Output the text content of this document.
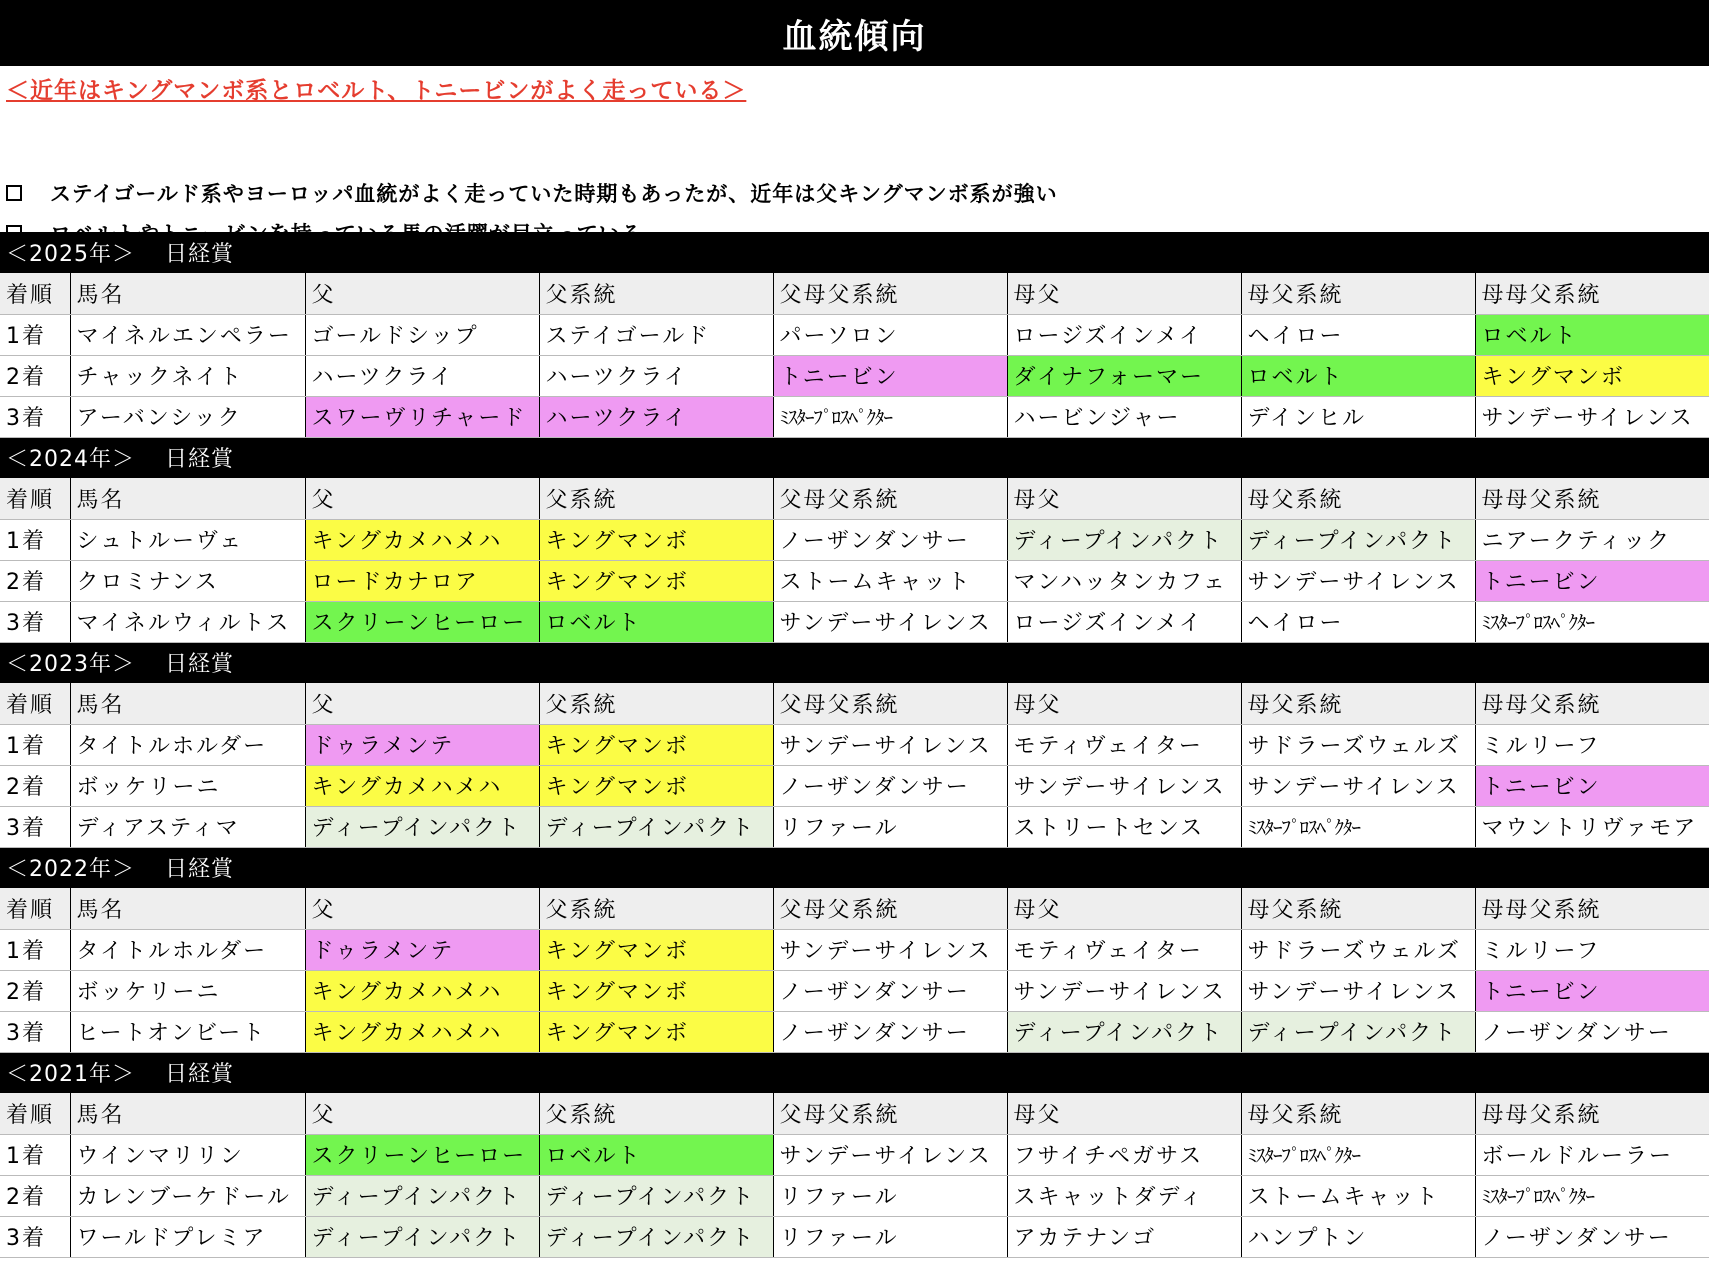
血統傾向
＜近年はキングマンボ系とロベルト、トニービンがよく走っている＞
ステイゴールド系やヨーロッパ血統がよく走っていた時期もあったが、近年は父キングマンボ系が強い
ロベルトやトニービンを持っている馬の活躍が目立っている
＜2025年＞ 日経賞							
着順	馬名	父	父系統	父母父系統	母父	母父系統	母母父系統
1着	マイネルエンペラー	ゴールドシップ	ステイゴールド	パーソロン	ロージズインメイ	ヘイロー	ロベルト
2着	チャックネイト	ハーツクライ	ハーツクライ	トニービン	ダイナフォーマー	ロベルト	キングマンボ
3着	アーバンシック	スワーヴリチャード	ハーツクライ	ﾐｽﾀｰﾌﾟﾛｽﾍﾟｸﾀｰ	ハービンジャー	デインヒル	サンデーサイレンス
＜2024年＞ 日経賞							
着順	馬名	父	父系統	父母父系統	母父	母父系統	母母父系統
1着	シュトルーヴェ	キングカメハメハ	キングマンボ	ノーザンダンサー	ディープインパクト	ディープインパクト	ニアークティック
2着	クロミナンス	ロードカナロア	キングマンボ	ストームキャット	マンハッタンカフェ	サンデーサイレンス	トニービン
3着	マイネルウィルトス	スクリーンヒーロー	ロベルト	サンデーサイレンス	ロージズインメイ	ヘイロー	ﾐｽﾀｰﾌﾟﾛｽﾍﾟｸﾀｰ
＜2023年＞ 日経賞							
着順	馬名	父	父系統	父母父系統	母父	母父系統	母母父系統
1着	タイトルホルダー	ドゥラメンテ	キングマンボ	サンデーサイレンス	モティヴェイター	サドラーズウェルズ	ミルリーフ
2着	ボッケリーニ	キングカメハメハ	キングマンボ	ノーザンダンサー	サンデーサイレンス	サンデーサイレンス	トニービン
3着	ディアスティマ	ディープインパクト	ディープインパクト	リファール	ストリートセンス	ﾐｽﾀｰﾌﾟﾛｽﾍﾟｸﾀｰ	マウントリヴァモア
＜2022年＞ 日経賞							
着順	馬名	父	父系統	父母父系統	母父	母父系統	母母父系統
1着	タイトルホルダー	ドゥラメンテ	キングマンボ	サンデーサイレンス	モティヴェイター	サドラーズウェルズ	ミルリーフ
2着	ボッケリーニ	キングカメハメハ	キングマンボ	ノーザンダンサー	サンデーサイレンス	サンデーサイレンス	トニービン
3着	ヒートオンビート	キングカメハメハ	キングマンボ	ノーザンダンサー	ディープインパクト	ディープインパクト	ノーザンダンサー
＜2021年＞ 日経賞							
着順	馬名	父	父系統	父母父系統	母父	母父系統	母母父系統
1着	ウインマリリン	スクリーンヒーロー	ロベルト	サンデーサイレンス	フサイチペガサス	ﾐｽﾀｰﾌﾟﾛｽﾍﾟｸﾀｰ	ボールドルーラー
2着	カレンブーケドール	ディープインパクト	ディープインパクト	リファール	スキャットダディ	ストームキャット	ﾐｽﾀｰﾌﾟﾛｽﾍﾟｸﾀｰ
3着	ワールドプレミア	ディープインパクト	ディープインパクト	リファール	アカテナンゴ	ハンプトン	ノーザンダンサー
